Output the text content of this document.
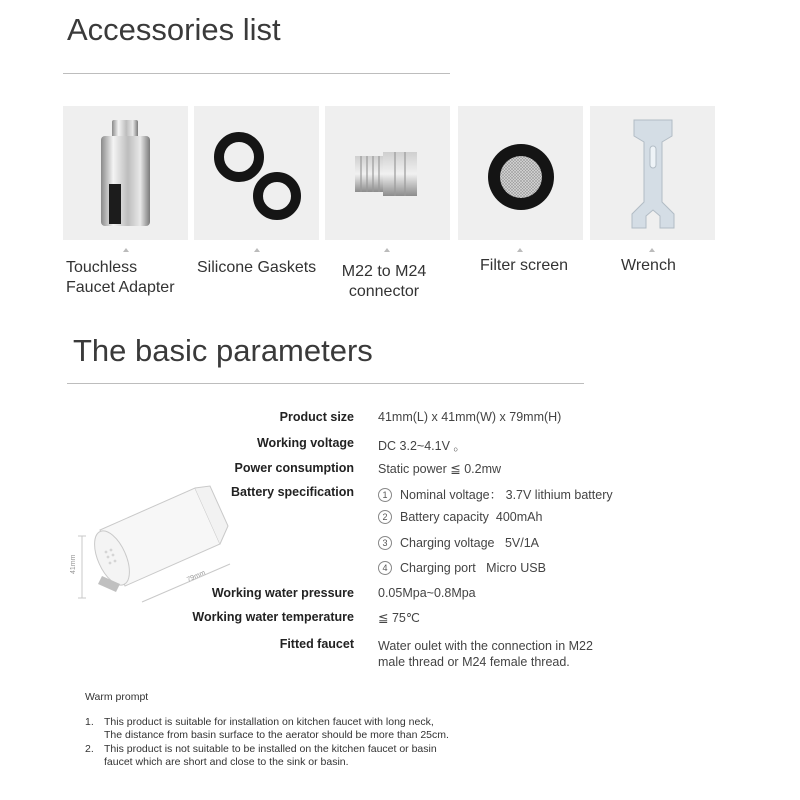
Accessories list
Touchless
Faucet Adapter
Silicone Gaskets	M22 to M24
connector
Filter screen	Wrench
The basic parameters
41mm
79mm
Product size
Working voltage
Power consumption
Battery specification
Working water pressure
Working water temperature
Fitted faucet
41mm(L) x 41mm(W) x 79mm(H)
DC 3.2~4.1V 。
Static power ≦ 0.2mw
1 Nominal voltage： 3.7V lithium battery
2 Battery capacity 400mAh
3 Charging voltage 5V/1A
4 Charging port Micro USB
0.05Mpa~0.8Mpa
≦ 75℃
Water oulet with the connection in M22
male thread or M24 female thread.
Warm prompt
1. This product is suitable for installation on kitchen faucet with long neck,
The distance from basin surface to the aerator should be more than 25cm.
2. This product is not suitable to be installed on the kitchen faucet or basin
faucet which are short and close to the sink or basin.
